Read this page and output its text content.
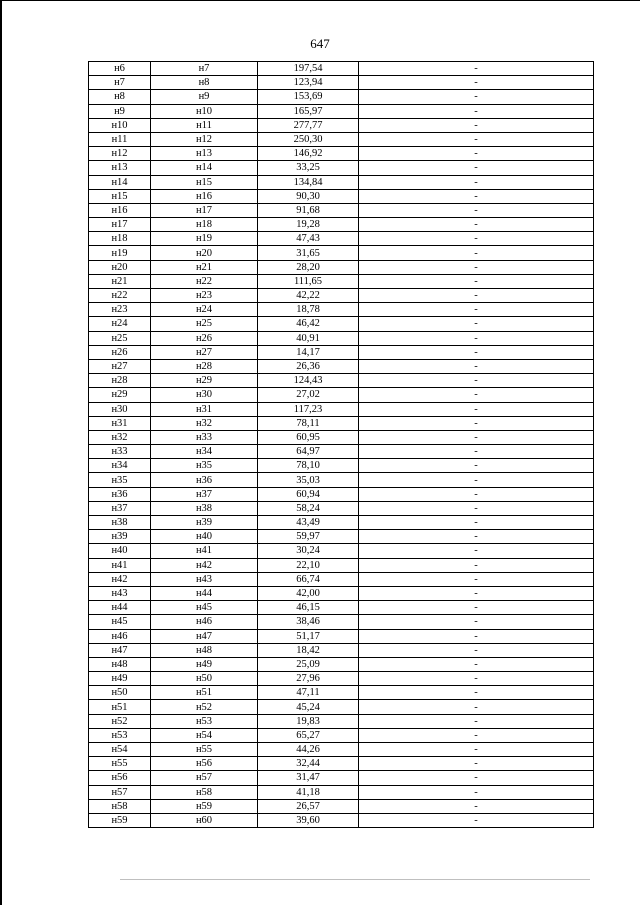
647
н6	н7	197,54	-
н7	н8	123,94	-
н8	н9	153,69	-
н9	н10	165,97	-
н10	н11	277,77	-
н11	н12	250,30	-
н12	н13	146,92	-
н13	н14	33,25	-
н14	н15	134,84	-
н15	н16	90,30	-
н16	н17	91,68	-
н17	н18	19,28	-
н18	н19	47,43	-
н19	н20	31,65	-
н20	н21	28,20	-
н21	н22	111,65	-
н22	н23	42,22	-
н23	н24	18,78	-
н24	н25	46,42	-
н25	н26	40,91	-
н26	н27	14,17	-
н27	н28	26,36	-
н28	н29	124,43	-
н29	н30	27,02	-
н30	н31	117,23	-
н31	н32	78,11	-
н32	н33	60,95	-
н33	н34	64,97	-
н34	н35	78,10	-
н35	н36	35,03	-
н36	н37	60,94	-
н37	н38	58,24	-
н38	н39	43,49	-
н39	н40	59,97	-
н40	н41	30,24	-
н41	н42	22,10	-
н42	н43	66,74	-
н43	н44	42,00	-
н44	н45	46,15	-
н45	н46	38,46	-
н46	н47	51,17	-
н47	н48	18,42	-
н48	н49	25,09	-
н49	н50	27,96	-
н50	н51	47,11	-
н51	н52	45,24	-
н52	н53	19,83	-
н53	н54	65,27	-
н54	н55	44,26	-
н55	н56	32,44	-
н56	н57	31,47	-
н57	н58	41,18	-
н58	н59	26,57	-
н59	н60	39,60	-
